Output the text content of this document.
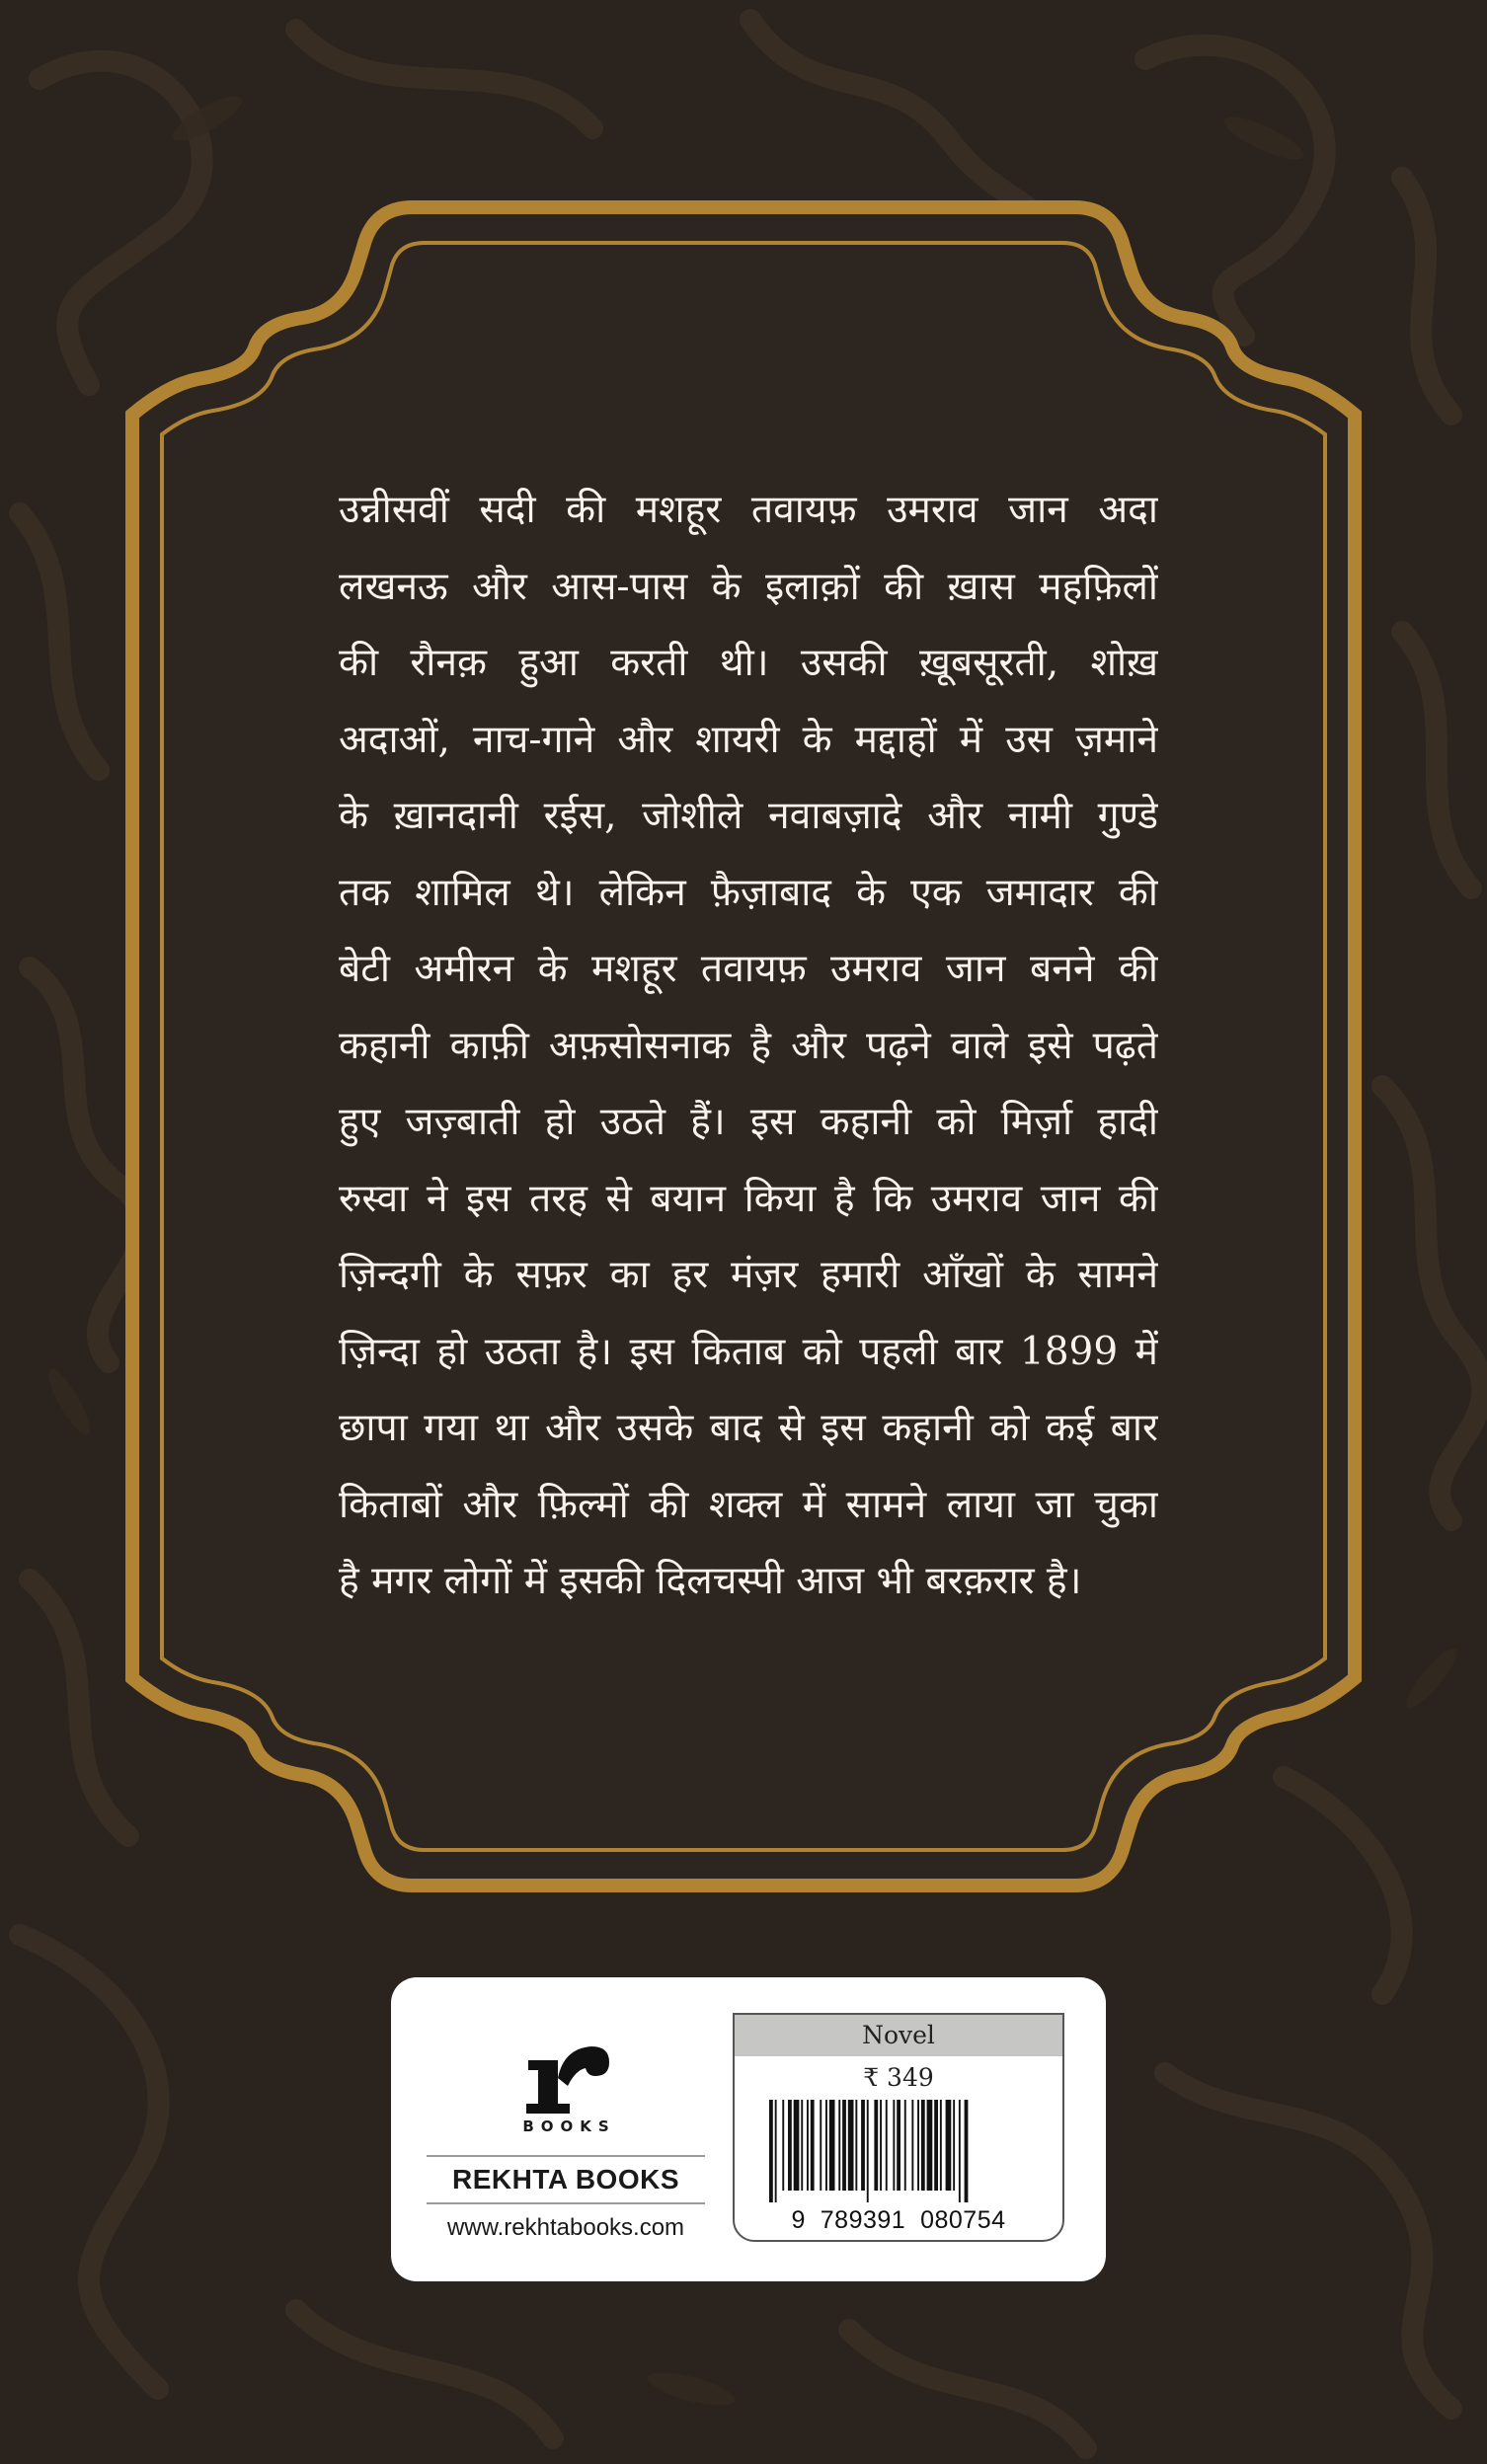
उन्नीसवीं सदी की मशहूर तवायफ़ उमराव जान अदा
लखनऊ और आस-पास के इलाक़ों की ख़ास महफ़िलों
की रौनक़ हुआ करती थी। उसकी ख़ूबसूरती, शोख़
अदाओं, नाच-गाने और शायरी के मद्दाहों में उस ज़माने
के ख़ानदानी रईस, जोशीले नवाबज़ादे और नामी गुण्डे
तक शामिल थे। लेकिन फ़ैज़ाबाद के एक जमादार की
बेटी अमीरन के मशहूर तवायफ़ उमराव जान बनने की
कहानी काफ़ी अफ़सोसनाक है और पढ़ने वाले इसे पढ़ते
हुए जज़्बाती हो उठते हैं। इस कहानी को मिर्ज़ा हादी
रुस्वा ने इस तरह से बयान किया है कि उमराव जान की
ज़िन्दगी के सफ़र का हर मंज़र हमारी आँखों के सामने
ज़िन्दा हो उठता है। इस किताब को पहली बार 1899 में
छापा गया था और उसके बाद से इस कहानी को कई बार
किताबों और फ़िल्मों की शक्ल में सामने लाया जा चुका
है मगर लोगों में इसकी दिलचस्पी आज भी बरक़रार है।
BOOKS
REKHTA BOOKS
www.rekhtabooks.com
Novel
₹ 349
9  789391  080754
